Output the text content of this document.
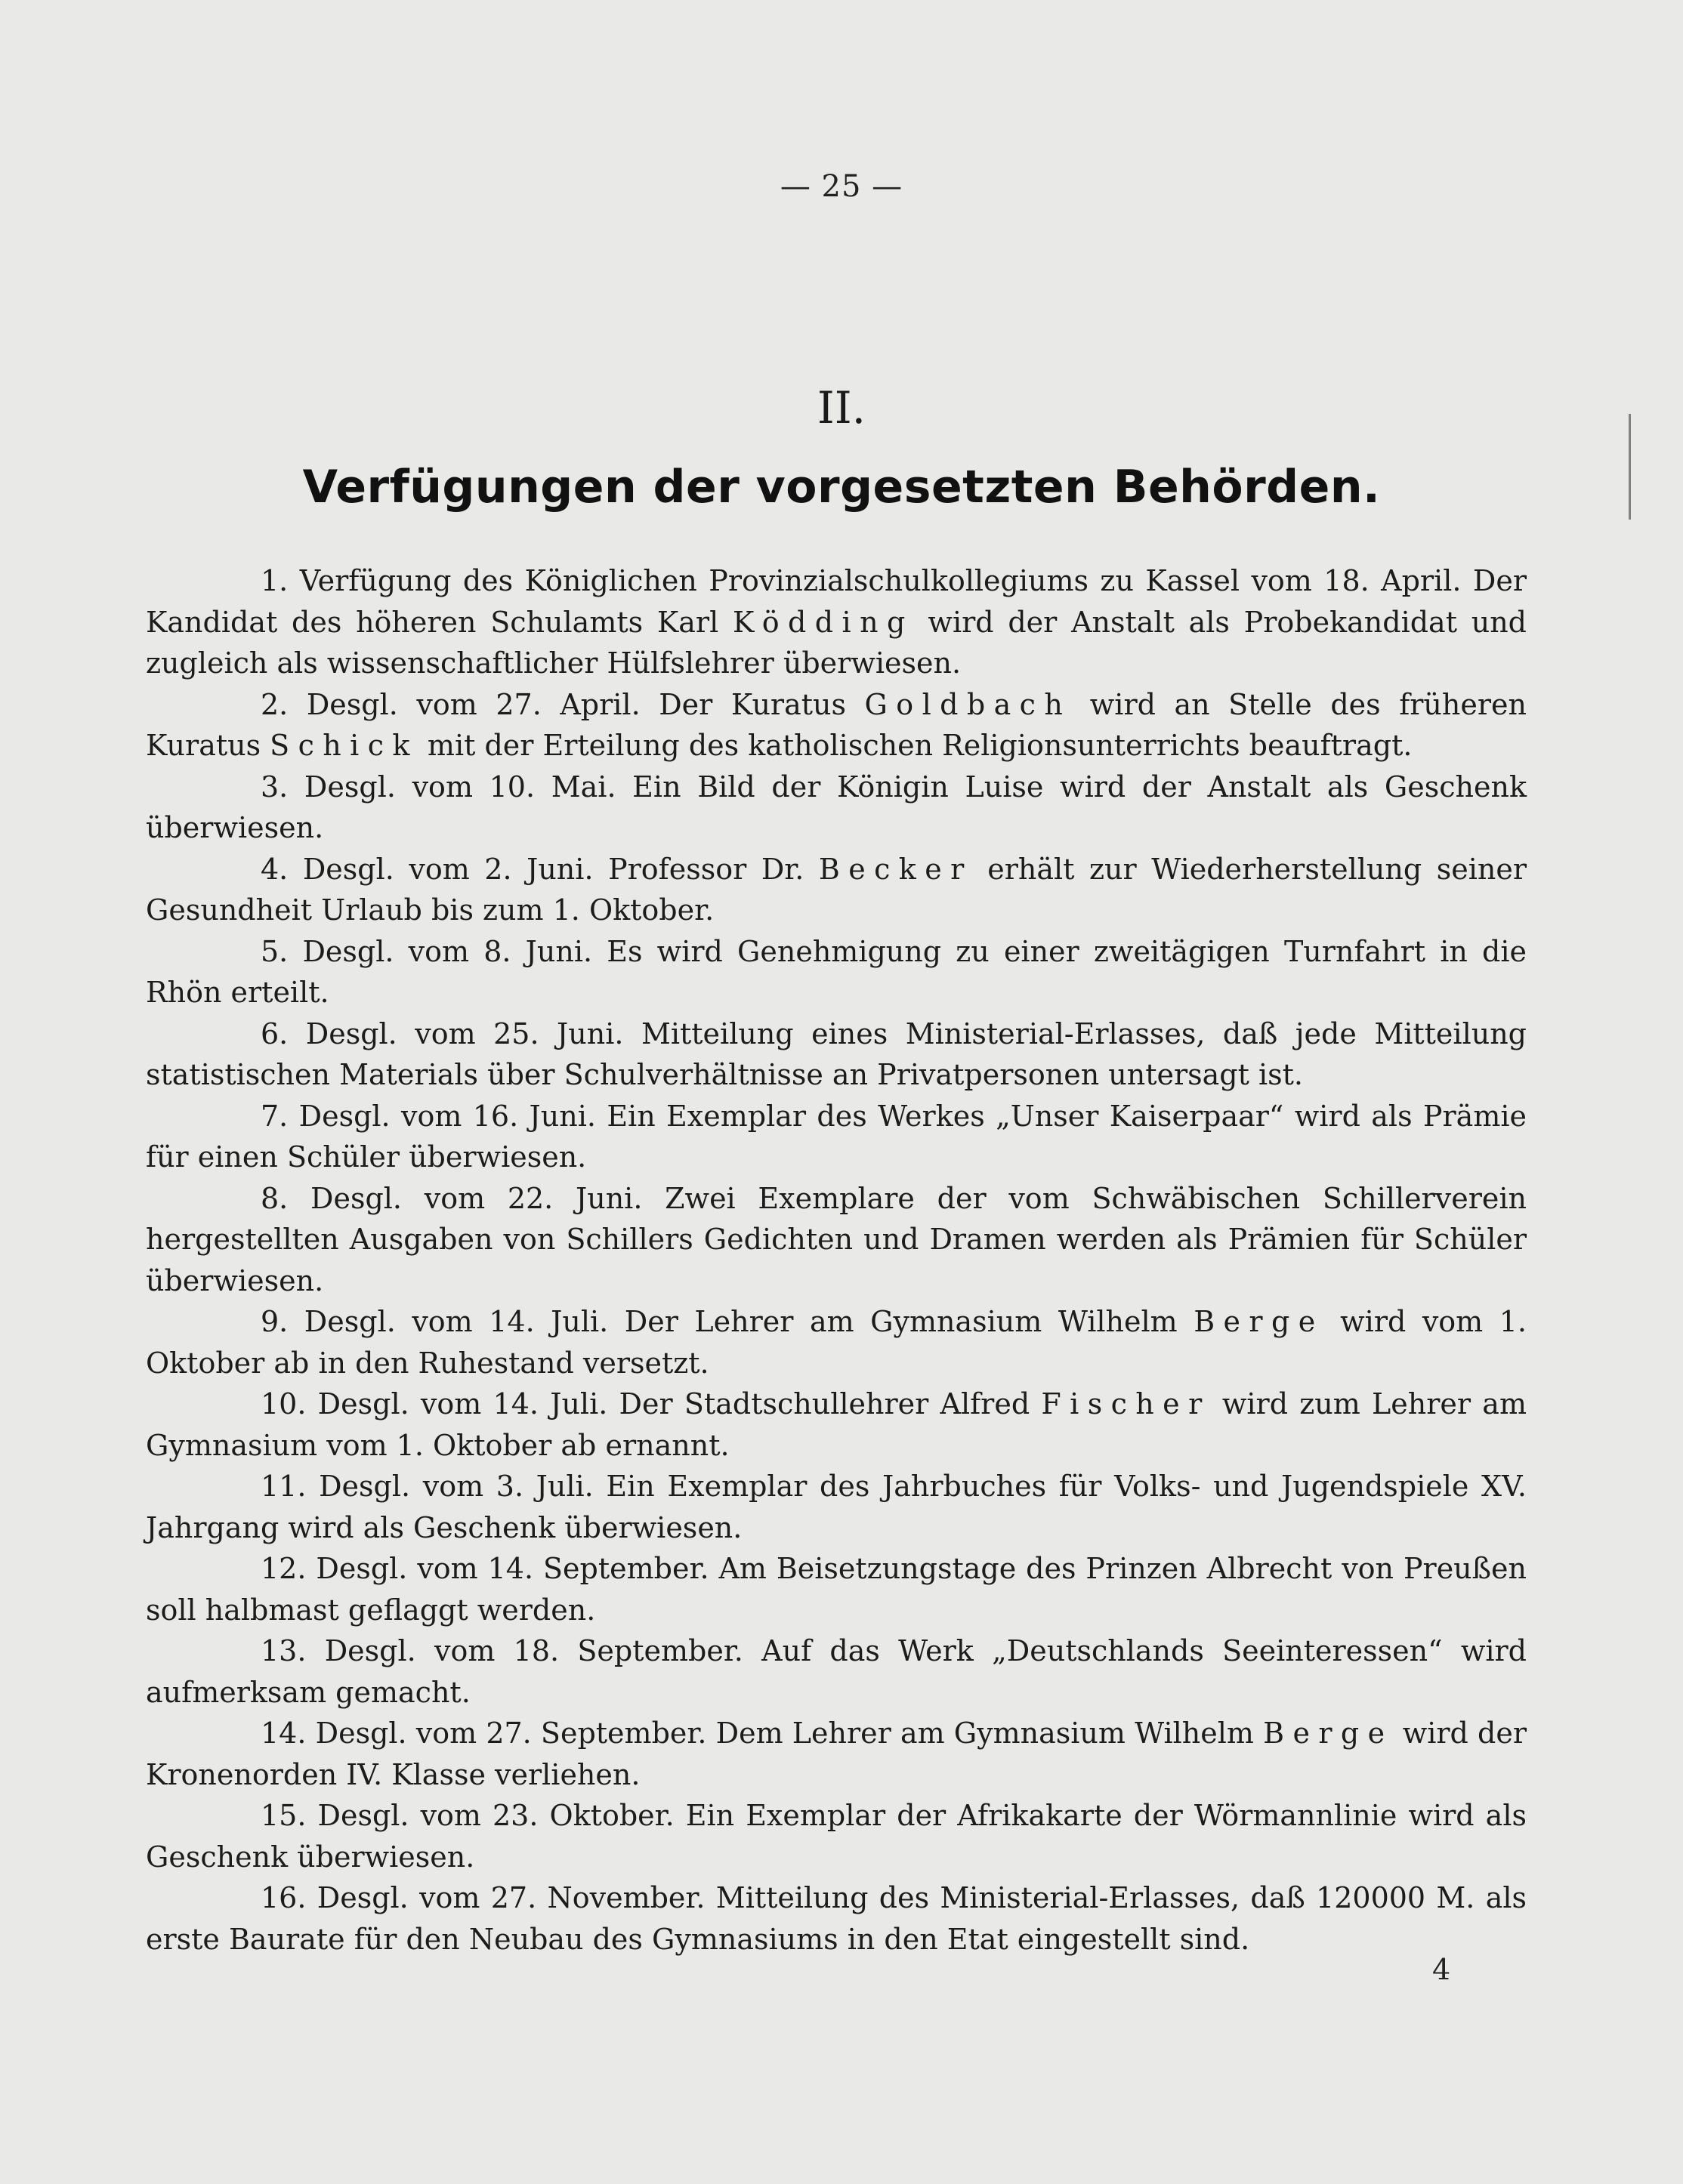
— 25 —
II.
Verfügungen der vorgesetzten Behörden.

1. Verfügung des Königlichen Provinzialschulkollegiums zu Kassel vom 18. April. Der Kandidat des höheren Schulamts Karl Ködding wird der Anstalt als Probekandidat und zugleich als wissenschaftlicher Hülfslehrer überwiesen.

2. Desgl. vom 27. April. Der Kuratus Goldbach wird an Stelle des früheren Kuratus Schick mit der Erteilung des katholischen Religionsunterrichts beauftragt.

3. Desgl. vom 10. Mai. Ein Bild der Königin Luise wird der Anstalt als Geschenk überwiesen.

4. Desgl. vom 2. Juni. Professor Dr. Becker erhält zur Wiederherstellung seiner Gesundheit Urlaub bis zum 1. Oktober.

5. Desgl. vom 8. Juni. Es wird Genehmigung zu einer zweitägigen Turnfahrt in die Rhön erteilt.

6. Desgl. vom 25. Juni. Mitteilung eines Ministerial-Erlasses, daß jede Mitteilung statistischen Materials über Schulverhältnisse an Privatpersonen untersagt ist.

7. Desgl. vom 16. Juni. Ein Exemplar des Werkes „Unser Kaiserpaar“ wird als Prämie für einen Schüler überwiesen.

8. Desgl. vom 22. Juni. Zwei Exemplare der vom Schwäbischen Schillerverein hergestellten Ausgaben von Schillers Gedichten und Dramen werden als Prämien für Schüler überwiesen.

9. Desgl. vom 14. Juli. Der Lehrer am Gymnasium Wilhelm Berge wird vom 1. Oktober ab in den Ruhestand versetzt.

10. Desgl. vom 14. Juli. Der Stadtschullehrer Alfred Fischer wird zum Lehrer am Gymnasium vom 1. Oktober ab ernannt.

11. Desgl. vom 3. Juli. Ein Exemplar des Jahrbuches für Volks- und Jugendspiele XV. Jahrgang wird als Geschenk überwiesen.

12. Desgl. vom 14. September. Am Beisetzungstage des Prinzen Albrecht von Preußen soll halbmast geflaggt werden.

13. Desgl. vom 18. September. Auf das Werk „Deutschlands Seeinteressen“ wird aufmerksam gemacht.

14. Desgl. vom 27. September. Dem Lehrer am Gymnasium Wilhelm Berge wird der Kronenorden IV. Klasse verliehen.

15. Desgl. vom 23. Oktober. Ein Exemplar der Afrikakarte der Wörmannlinie wird als Geschenk überwiesen.

16. Desgl. vom 27. November. Mitteilung des Ministerial-Erlasses, daß 120000 M. als erste Baurate für den Neubau des Gymnasiums in den Etat eingestellt sind.

4
